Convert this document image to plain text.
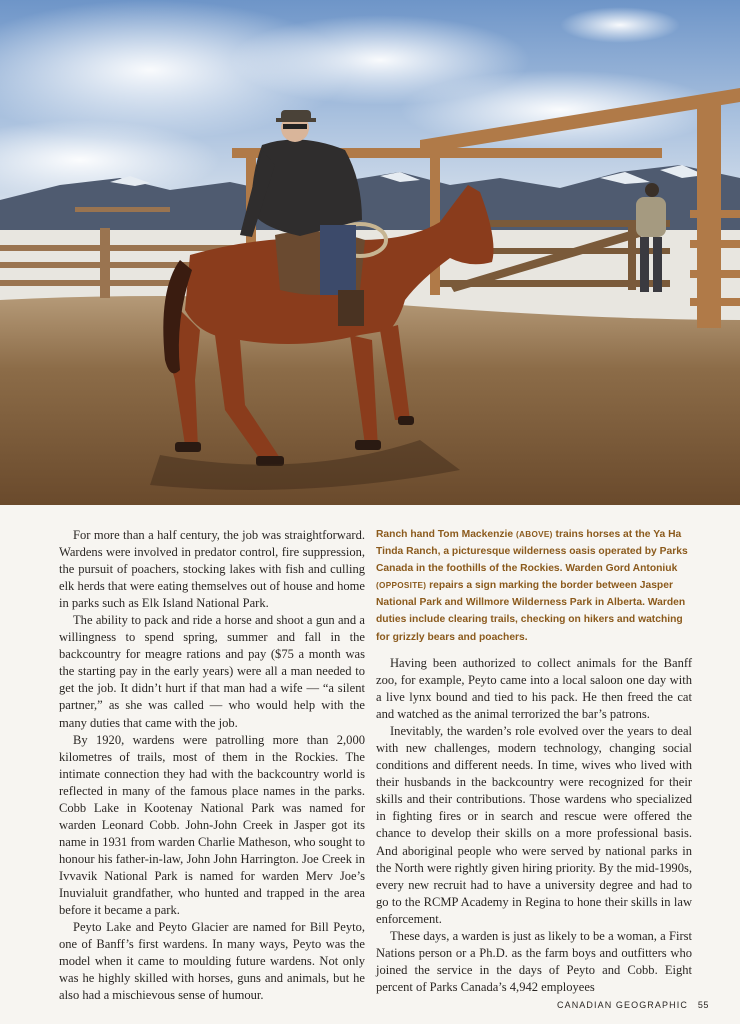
For more than a half century, the job was straightforward. Wardens were involved in predator control, fire suppression, the pursuit of poachers, stocking lakes with fish and culling elk herds that were eating themselves out of house and home in parks such as Elk Island National Park.

The ability to pack and ride a horse and shoot a gun and a willingness to spend spring, summer and fall in the backcountry for meagre rations and pay ($75 a month was the starting pay in the early years) were all a man needed to get the job. It didn’t hurt if that man had a wife — “a silent partner,” as she was called — who would help with the many duties that came with the job.

By 1920, wardens were patrolling more than 2,000 kilometres of trails, most of them in the Rockies. The intimate connection they had with the backcountry world is reflected in many of the famous place names in the parks. Cobb Lake in Kootenay National Park was named for warden Leonard Cobb. John-John Creek in Jasper got its name in 1931 from warden Charlie Matheson, who sought to honour his father-in-law, John John Harrington. Joe Creek in Ivvavik National Park is named for warden Merv Joe’s Inuvialuit grandfather, who hunted and trapped in the area before it became a park.

Peyto Lake and Peyto Glacier are named for Bill Peyto, one of Banff’s first wardens. In many ways, Peyto was the model when it came to moulding future wardens. Not only was he highly skilled with horses, guns and animals, but he also had a mischievous sense of humour.

Ranch hand Tom Mackenzie (ABOVE) trains horses at the Ya Ha Tinda Ranch, a picturesque wilderness oasis operated by Parks Canada in the foothills of the Rockies. Warden Gord Antoniuk (OPPOSITE) repairs a sign marking the border between Jasper National Park and Willmore Wilderness Park in Alberta. Warden duties include clearing trails, checking on hikers and watching for grizzly bears and poachers.

Having been authorized to collect animals for the Banff zoo, for example, Peyto came into a local saloon one day with a live lynx bound and tied to his pack. He then freed the cat and watched as the animal terrorized the bar’s patrons.

Inevitably, the warden’s role evolved over the years to deal with new challenges, modern technology, changing social conditions and different needs. In time, wives who lived with their husbands in the backcountry were recognized for their skills and their contributions. Those wardens who specialized in fighting fires or in search and rescue were offered the chance to develop their skills on a more professional basis. And aboriginal people who were served by national parks in the North were rightly given hiring priority. By the mid-1990s, every new recruit had to have a university degree and had to go to the RCMP Academy in Regina to hone their skills in law enforcement.

These days, a warden is just as likely to be a woman, a First Nations person or a Ph.D. as the farm boys and outfitters who joined the service in the days of Peyto and Cobb. Eight percent of Parks Canada’s 4,942 employees

CANADIAN GEOGRAPHIC 55
